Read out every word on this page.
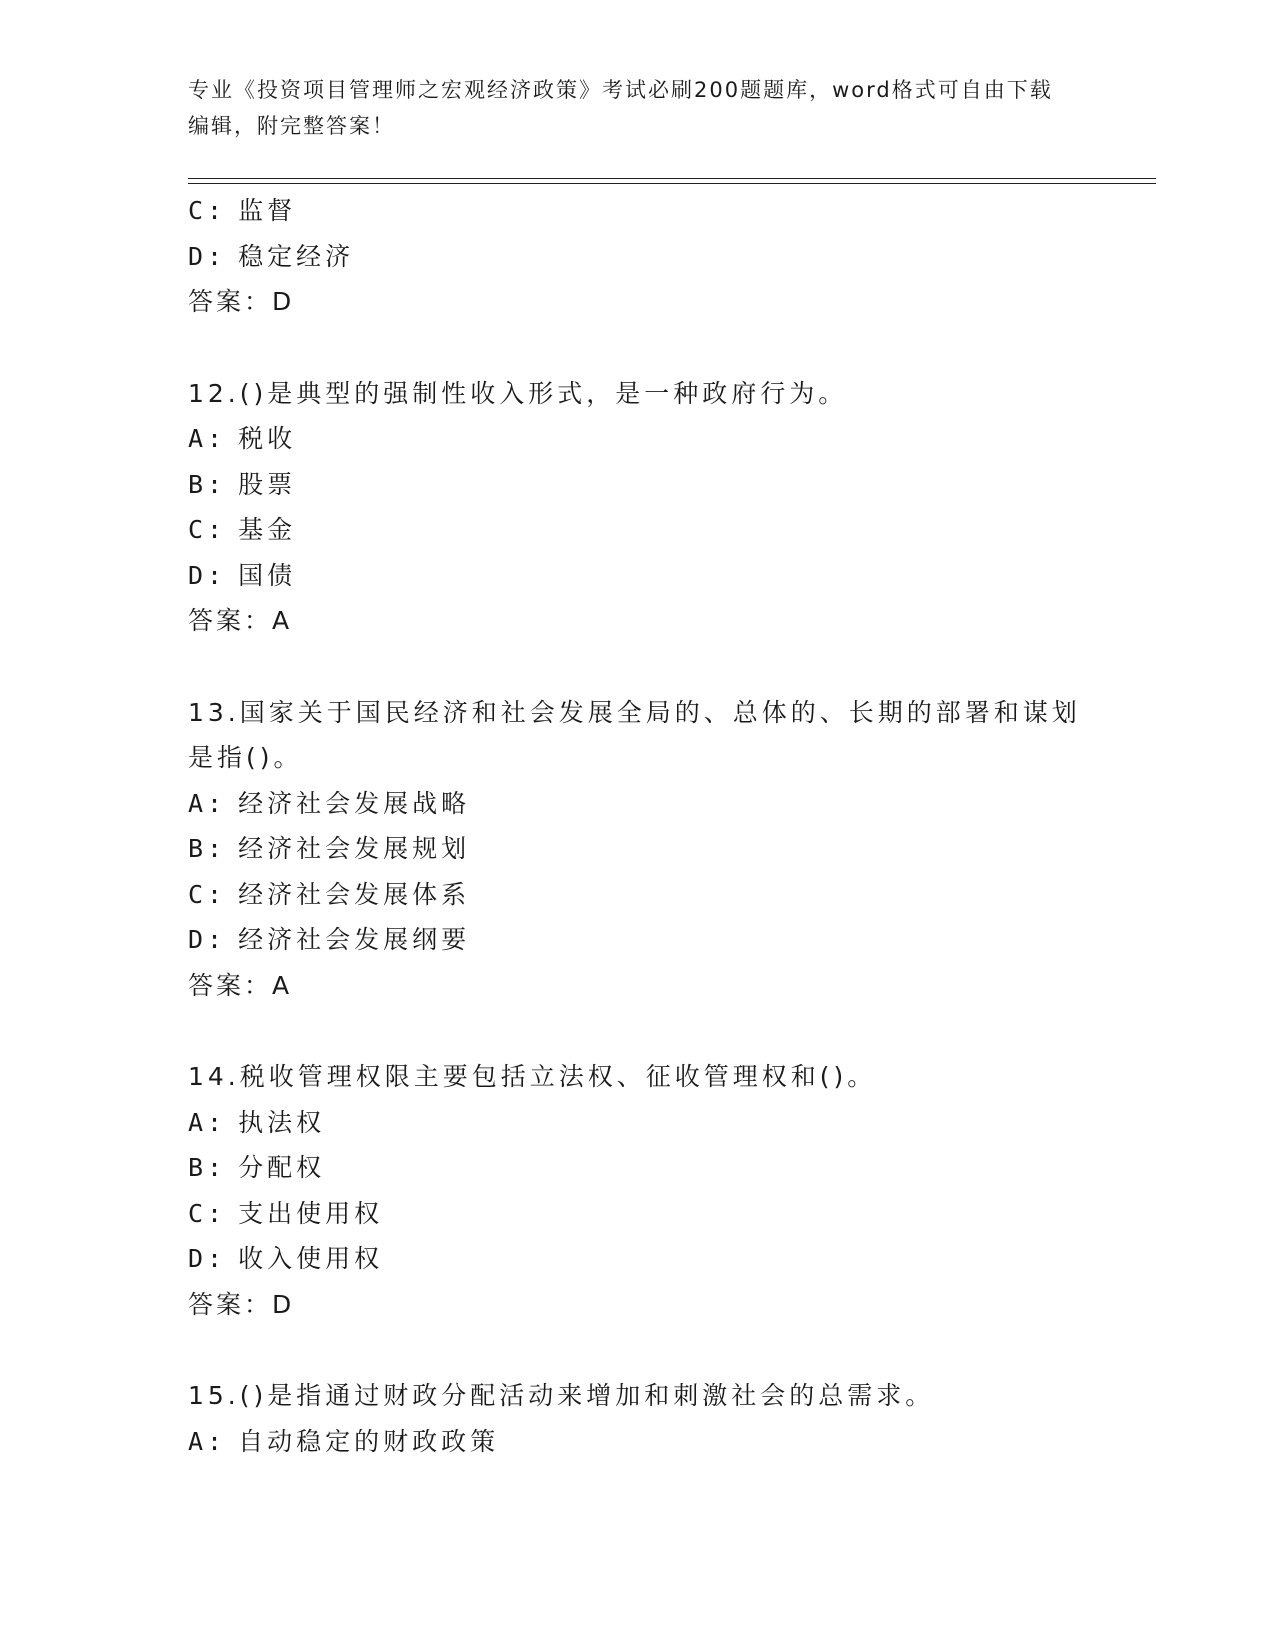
专业《投资项目管理师之宏观经济政策》考试必刷200题题库，word格式可自由下载编辑，附完整答案！
C: 监督
D: 稳定经济
答案：D
12.()是典型的强制性收入形式，是一种政府行为。
A: 税收
B: 股票
C: 基金
D: 国债
答案：A
13.国家关于国民经济和社会发展全局的、总体的、长期的部署和谋划
是指()。
A: 经济社会发展战略
B: 经济社会发展规划
C: 经济社会发展体系
D: 经济社会发展纲要
答案：A
14.税收管理权限主要包括立法权、征收管理权和()。
A: 执法权
B: 分配权
C: 支出使用权
D: 收入使用权
答案：D
15.()是指通过财政分配活动来增加和刺激社会的总需求。
A: 自动稳定的财政政策
